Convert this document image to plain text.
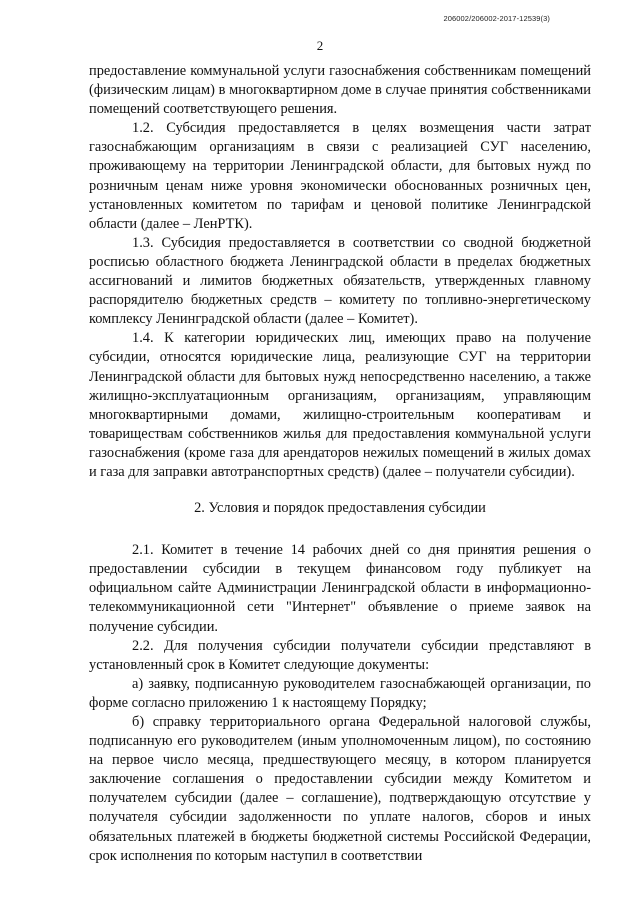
206002/206002-2017-12539(3)
2

предоставление коммунальной услуги газоснабжения собственникам помещений (физическим лицам) в многоквартирном доме в случае принятия собственниками помещений соответствующего решения.

1.2. Субсидия предоставляется в целях возмещения части затрат газоснабжающим организациям в связи с реализацией СУГ населению, проживающему на территории Ленинградской области, для бытовых нужд по розничным ценам ниже уровня экономически обоснованных розничных цен, установленных комитетом по тарифам и ценовой политике Ленинградской области (далее – ЛенРТК).

1.3. Субсидия предоставляется в соответствии со сводной бюджетной росписью областного бюджета Ленинградской области в пределах бюджетных ассигнований и лимитов бюджетных обязательств, утвержденных главному распорядителю бюджетных средств – комитету по топливно-энергетическому комплексу Ленинградской области (далее – Комитет).

1.4. К категории юридических лиц, имеющих право на получение субсидии, относятся юридические лица, реализующие СУГ на территории Ленинградской области для бытовых нужд непосредственно населению, а также жилищно-эксплуатационным организациям, организациям, управляющим многоквартирными домами, жилищно-строительным кооперативам и товариществам собственников жилья для предоставления коммунальной услуги газоснабжения (кроме газа для арендаторов нежилых помещений в жилых домах и газа для заправки автотранспортных средств) (далее – получатели субсидии).

2. Условия и порядок предоставления субсидии

2.1. Комитет в течение 14 рабочих дней со дня принятия решения о предоставлении субсидии в текущем финансовом году публикует на официальном сайте Администрации Ленинградской области в информационно-телекоммуникационной сети "Интернет" объявление о приеме заявок на получение субсидии.

2.2. Для получения субсидии получатели субсидии представляют в установленный срок в Комитет следующие документы:

а) заявку, подписанную руководителем газоснабжающей организации, по форме согласно приложению 1 к настоящему Порядку;

б) справку территориального органа Федеральной налоговой службы, подписанную его руководителем (иным уполномоченным лицом), по состоянию на первое число месяца, предшествующего месяцу, в котором планируется заключение соглашения о предоставлении субсидии между Комитетом и получателем субсидии (далее – соглашение), подтверждающую отсутствие у получателя субсидии задолженности по уплате налогов, сборов и иных обязательных платежей в бюджеты бюджетной системы Российской Федерации, срок исполнения по которым наступил в соответствии
